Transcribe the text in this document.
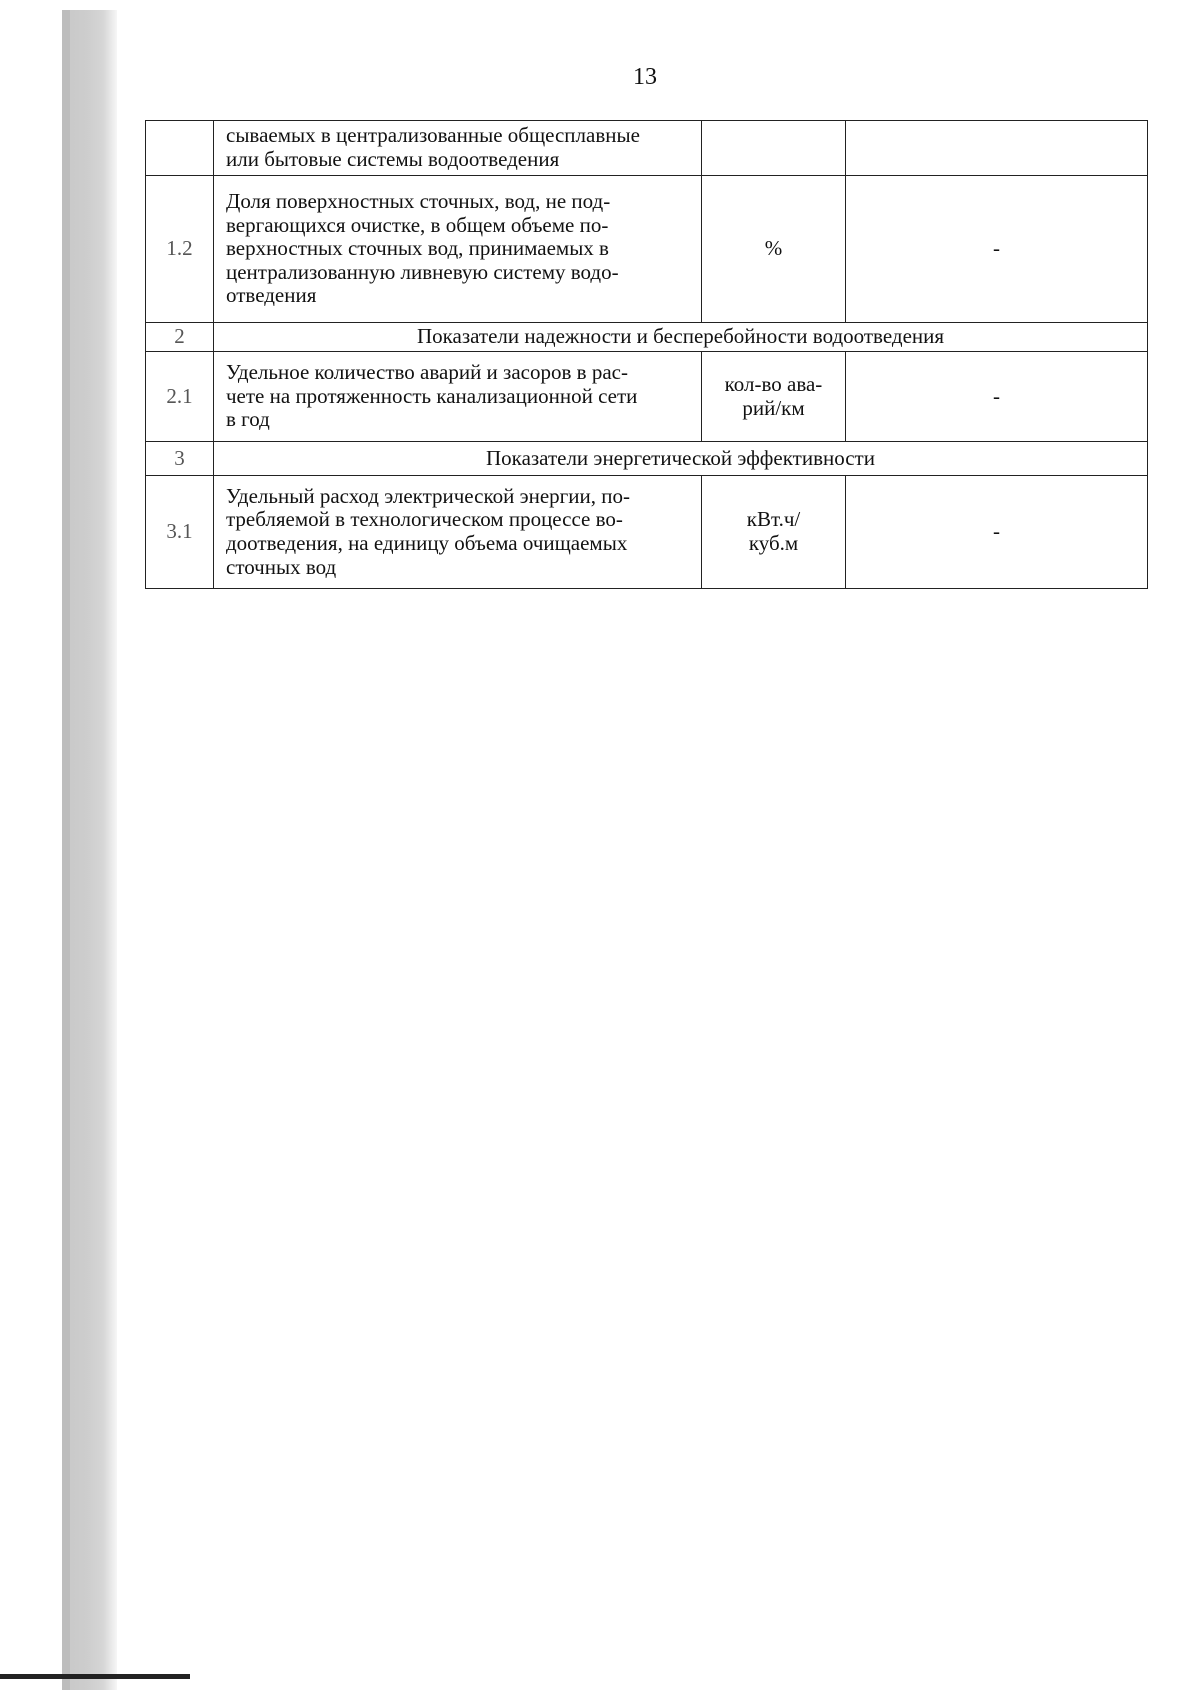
13

	сываемых в централизованные общесплавные
или бытовые системы водоотведения		

1.2	Доля поверхностных сточных, вод, не под-
вергающихся очистке, в общем объеме по-
верхностных сточных вод, принимаемых в
централизованную ливневую систему водо-
отведения	%	-
2	Показатели надежности и бесперебойности водоотведения		
2.1	Удельное количество аварий и засоров в рас-
чете на протяженность канализационной сети
в год	кол-во ава-
рий/км	-
3	Показатели энергетической эффективности		
3.1	Удельный расход электрической энергии, по-
требляемой в технологическом процессе во-
доотведения, на единицу объема очищаемых
сточных вод	кВт.ч/
куб.м	-
